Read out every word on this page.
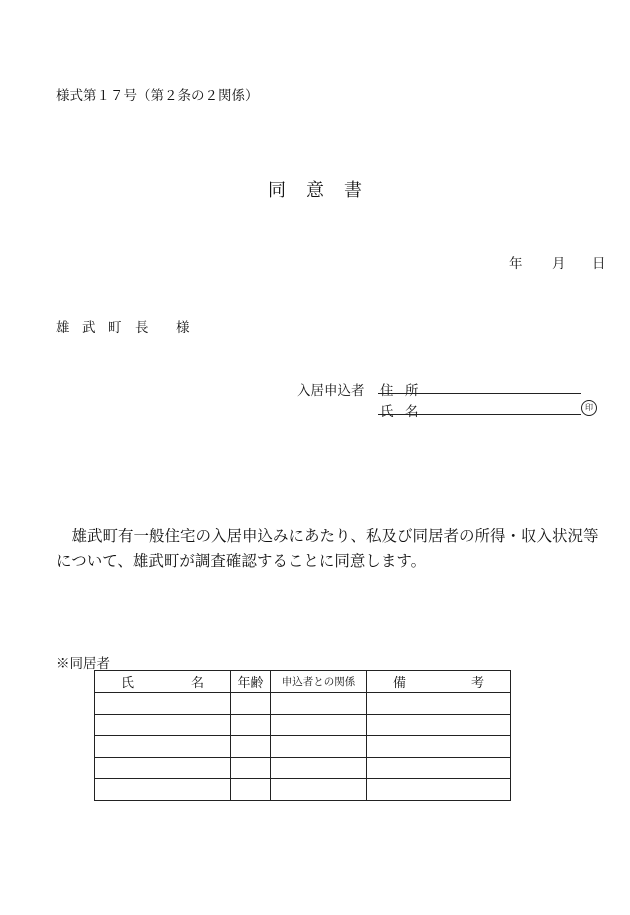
様式第１７号（第２条の２関係）
同 意 書
年 月 日
雄 武 町 長 様
入居申込者 住 所
氏 名	印

　雄武町有一般住宅の入居申込みにあたり、私及び同居者の所得・収入状況等

について、雄武町が調査確認することに同意します。

※同居者
氏 名	年齢	申込者との関係	備 考
